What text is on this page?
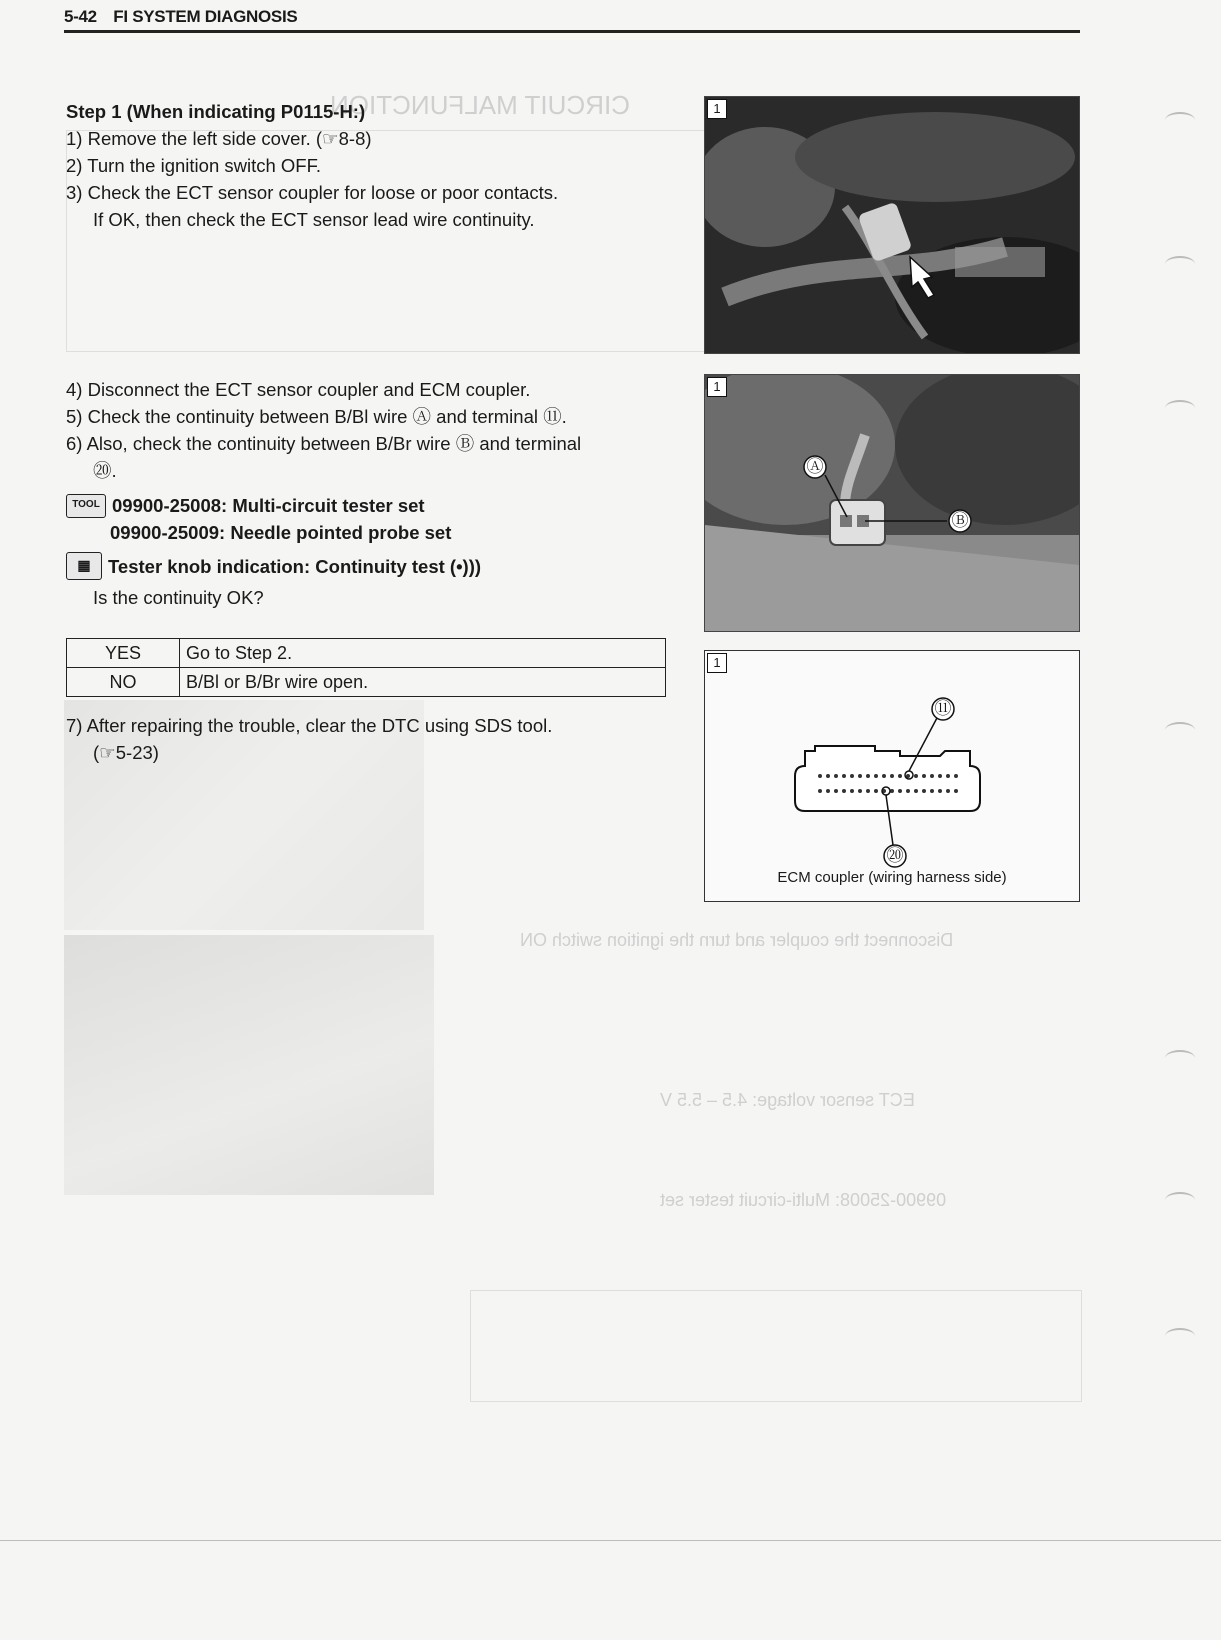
5-42 FI SYSTEM DIAGNOSIS
CIRCUIT MALFUNCTION
Disconnect the coupler and turn the ignition switch ON
ECT sensor voltage: 4.5 – 5.5 V
09900-25008: Multi-circuit tester set
Step 1 (When indicating P0115-H:)
1) Remove the left side cover. (☞8-8)
2) Turn the ignition switch OFF.
3) Check the ECT sensor coupler for loose or poor contacts.
If OK, then check the ECT sensor lead wire continuity.
4) Disconnect the ECT sensor coupler and ECM coupler.
5) Check the continuity between B/Bl wire Ⓐ and terminal ⑪.
6) Also, check the continuity between B/Br wire Ⓑ and terminal
⑳.
TOOL 09900-25008: Multi-circuit tester set
09900-25009: Needle pointed probe set
▦ Tester knob indication: Continuity test (•)))
Is the continuity OK?
YES	Go to Step 2.
NO	B/Bl or B/Br wire open.
7) After repairing the trouble, clear the DTC using SDS tool.
(☞5-23)
1
Ⓐ
Ⓑ
1
⑪
⑳
ECM coupler (wiring harness side)
1
